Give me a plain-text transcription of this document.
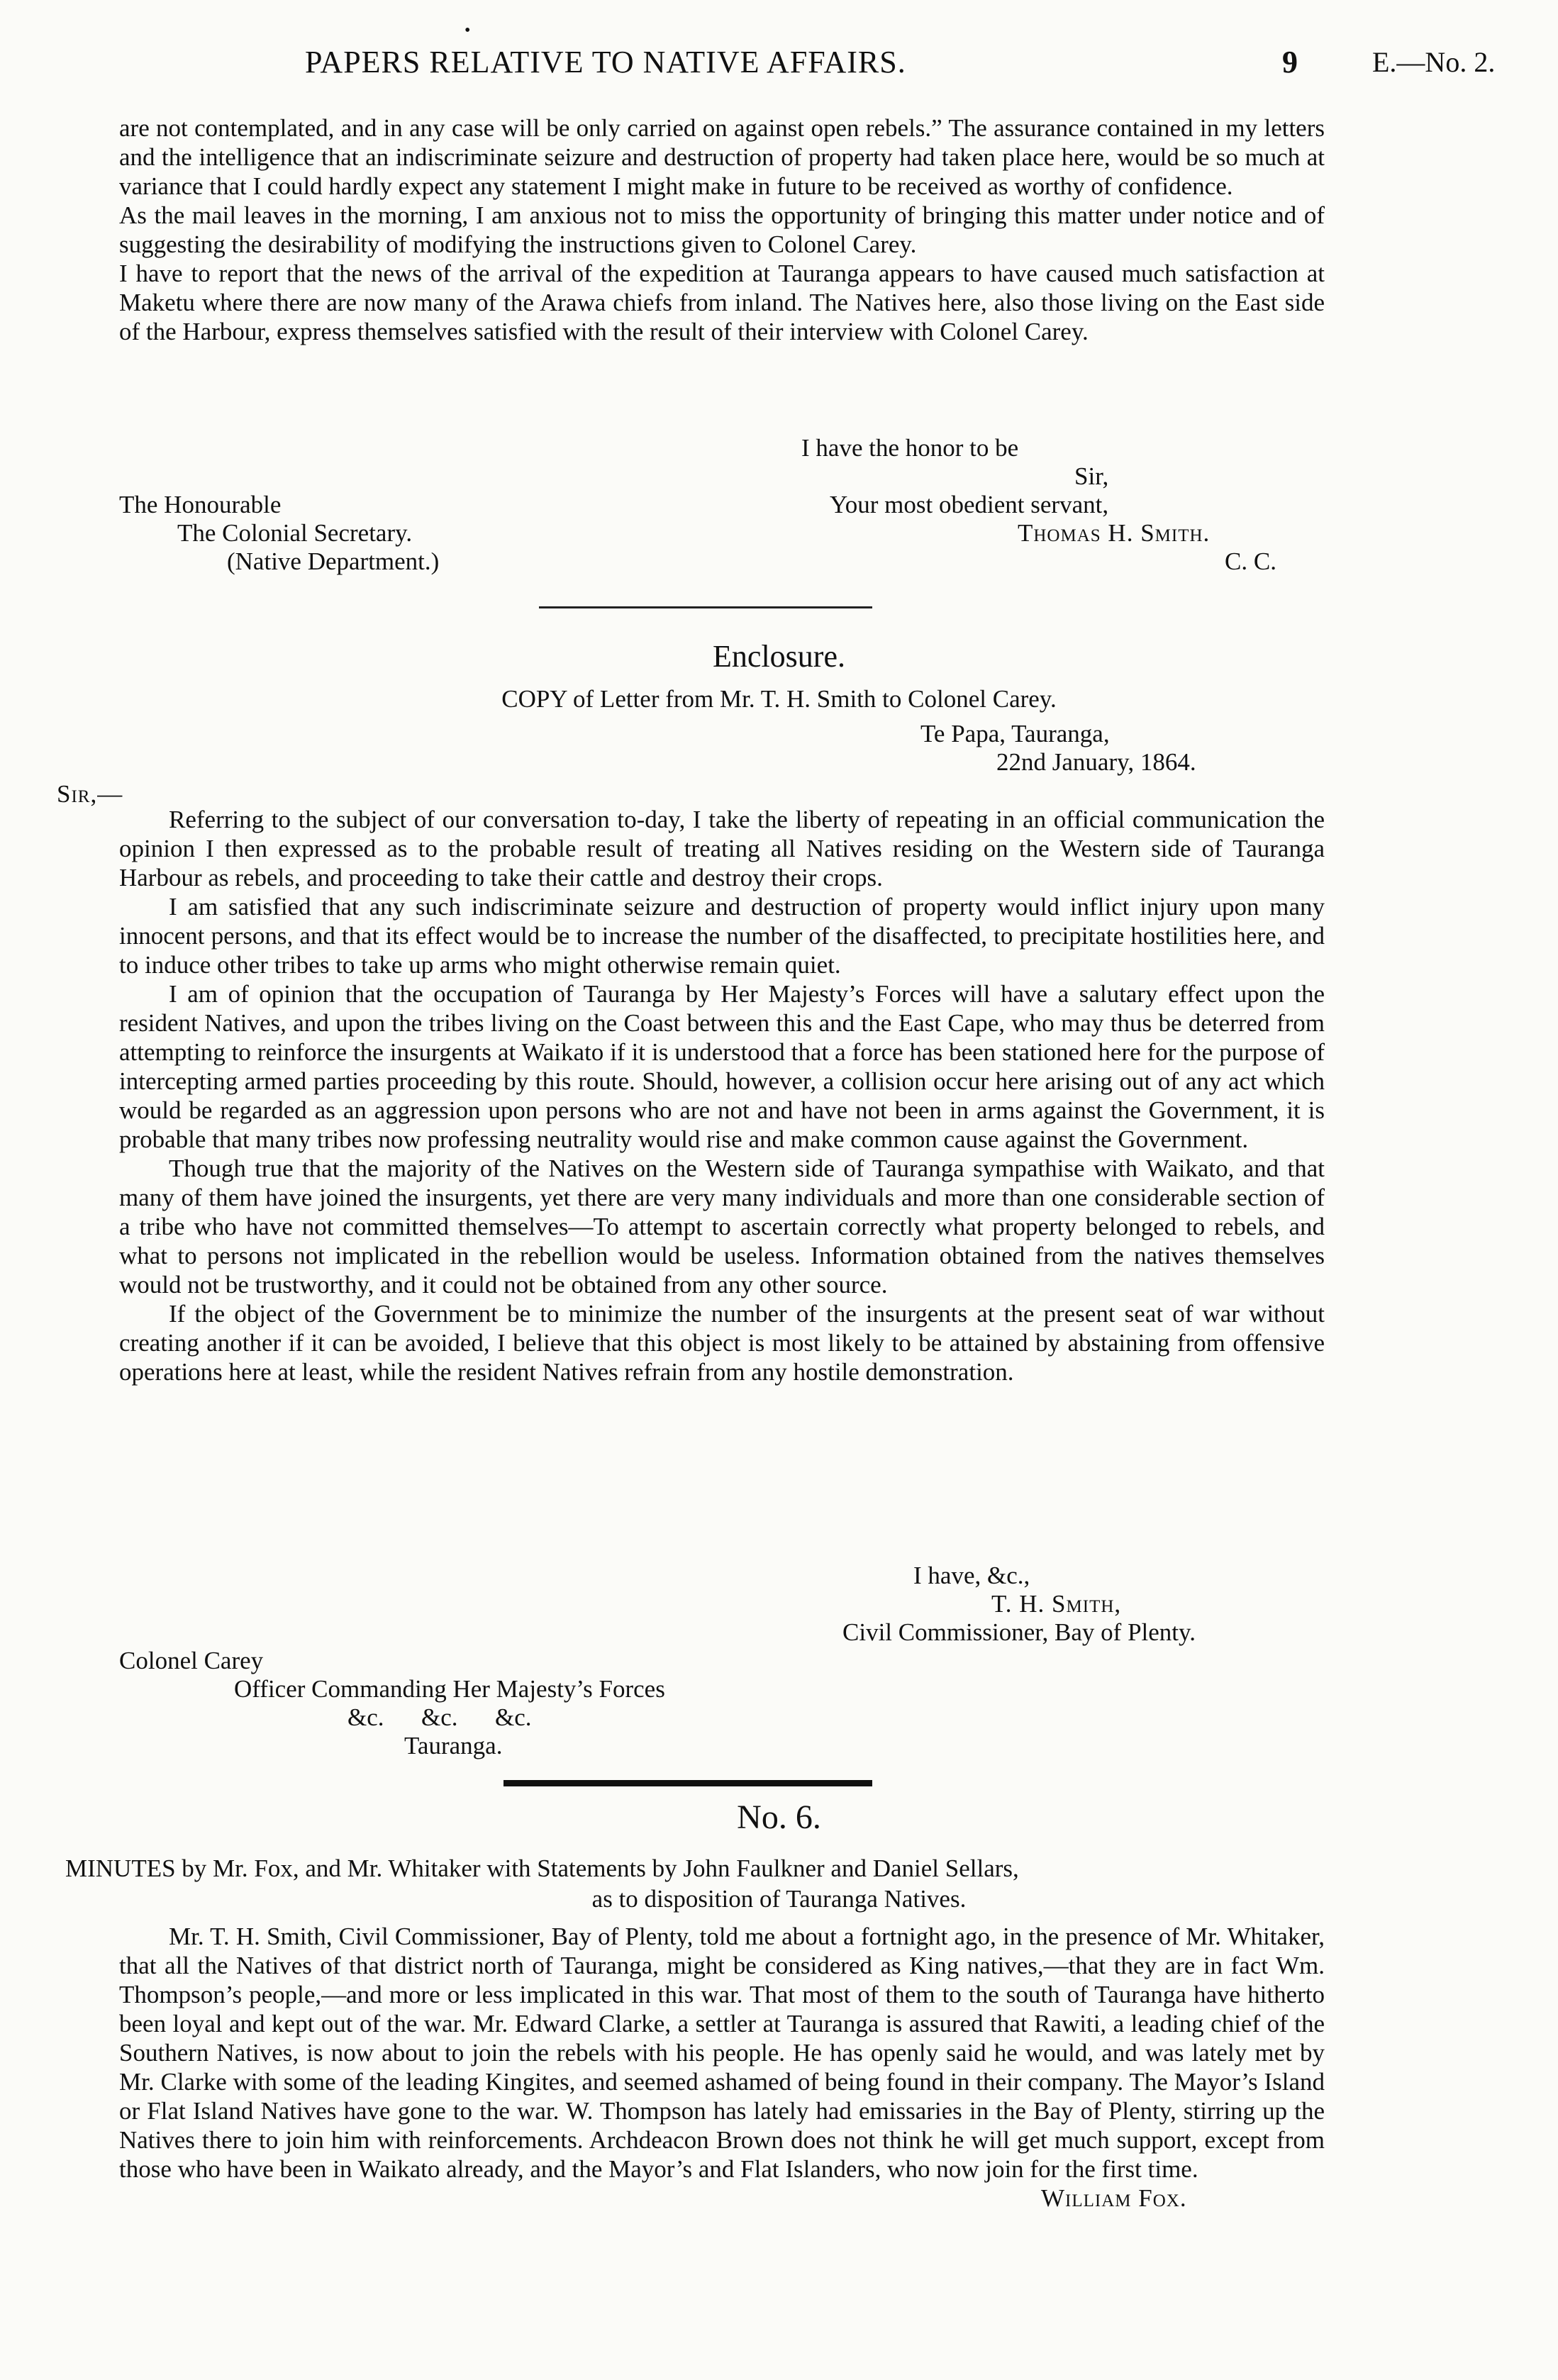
•
PAPERS RELATIVE TO NATIVE AFFAIRS.	9	E.—No. 2.

are not contemplated, and in any case will be only carried on against open rebels.” The assurance contained in my letters and the intelligence that an indiscriminate seizure and destruction of property had taken place here, would be so much at variance that I could hardly expect any statement I might make in future to be received as worthy of confidence.

As the mail leaves in the morning, I am anxious not to miss the opportunity of bringing this matter under notice and of suggesting the desirability of modifying the instructions given to Colonel Carey.

I have to report that the news of the arrival of the expedition at Tauranga appears to have caused much satisfaction at Maketu where there are now many of the Arawa chiefs from inland. The Natives here, also those living on the East side of the Harbour, express themselves satisfied with the result of their interview with Colonel Carey.

I have the honor to be
Sir,
Your most obedient servant,
Thomas H. Smith.
C. C.
The Honourable
The Colonial Secretary.
(Native Department.)
Enclosure.
COPY of Letter from Mr. T. H. Smith to Colonel Carey.
Te Papa, Tauranga,
22nd January, 1864.
Sir,—

Referring to the subject of our conversation to-day, I take the liberty of repeating in an official communication the opinion I then expressed as to the probable result of treating all Natives residing on the Western side of Tauranga Harbour as rebels, and proceeding to take their cattle and destroy their crops.

I am satisfied that any such indiscriminate seizure and destruction of property would inflict injury upon many innocent persons, and that its effect would be to increase the number of the disaffected, to precipitate hostilities here, and to induce other tribes to take up arms who might otherwise remain quiet.

I am of opinion that the occupation of Tauranga by Her Majesty’s Forces will have a salutary effect upon the resident Natives, and upon the tribes living on the Coast between this and the East Cape, who may thus be deterred from attempting to reinforce the insurgents at Waikato if it is understood that a force has been stationed here for the purpose of intercepting armed parties proceeding by this route. Should, however, a collision occur here arising out of any act which would be regarded as an aggression upon persons who are not and have not been in arms against the Government, it is probable that many tribes now professing neutrality would rise and make common cause against the Government.

Though true that the majority of the Natives on the Western side of Tauranga sympathise with Waikato, and that many of them have joined the insurgents, yet there are very many individuals and more than one considerable section of a tribe who have not committed themselves—To attempt to ascertain correctly what property belonged to rebels, and what to persons not implicated in the rebellion would be useless. Information obtained from the natives themselves would not be trustworthy, and it could not be obtained from any other source.

If the object of the Government be to minimize the number of the insurgents at the present seat of war without creating another if it can be avoided, I believe that this object is most likely to be attained by abstaining from offensive operations here at least, while the resident Natives refrain from any hostile demonstration.

I have, &c.,
T. H. Smith,
Civil Commissioner, Bay of Plenty.
Colonel Carey
Officer Commanding Her Majesty’s Forces
&c.      &c.      &c.
Tauranga.
No. 6.
MINUTES by Mr. Fox, and Mr. Whitaker with Statements by John Faulkner and Daniel Sellars,
as to disposition of Tauranga Natives.

Mr. T. H. Smith, Civil Commissioner, Bay of Plenty, told me about a fortnight ago, in the presence of Mr. Whitaker, that all the Natives of that district north of Tauranga, might be considered as King natives,—that they are in fact Wm. Thompson’s people,—and more or less implicated in this war. That most of them to the south of Tauranga have hitherto been loyal and kept out of the war. Mr. Edward Clarke, a settler at Tauranga is assured that Rawiti, a leading chief of the Southern Natives, is now about to join the rebels with his people. He has openly said he would, and was lately met by Mr. Clarke with some of the leading Kingites, and seemed ashamed of being found in their company. The Mayor’s Island or Flat Island Natives have gone to the war. W. Thompson has lately had emissaries in the Bay of Plenty, stirring up the Natives there to join him with reinforcements. Archdeacon Brown does not think he will get much support, except from those who have been in Waikato already, and the Mayor’s and Flat Islanders, who now join for the first time.

William Fox.
